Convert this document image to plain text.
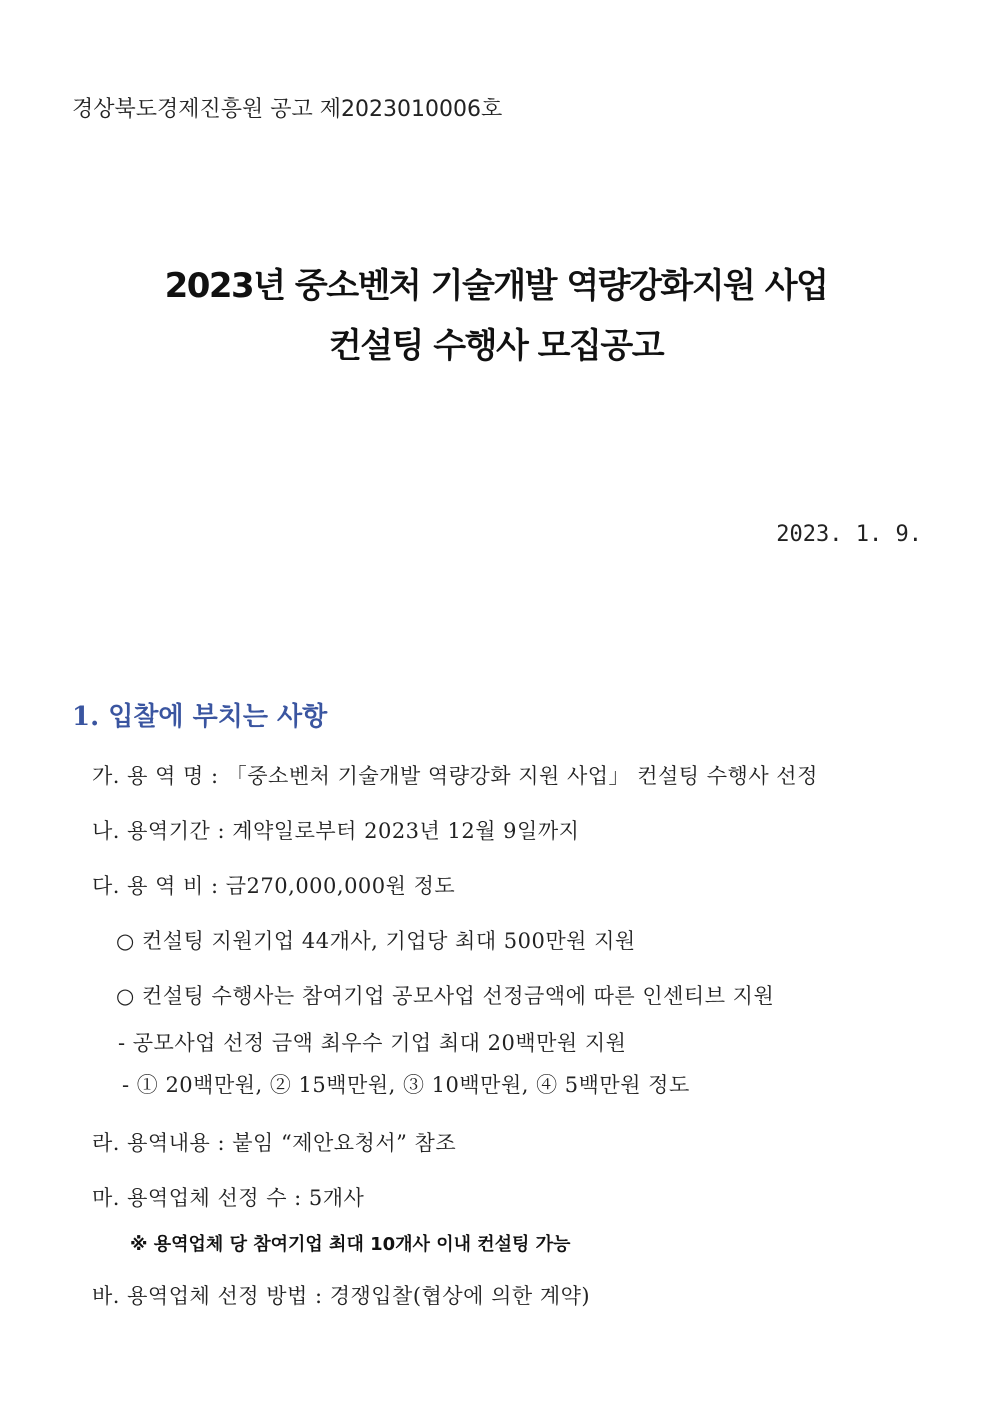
경상북도경제진흥원 공고 제2023010006호
2023년 중소벤처 기술개발 역량강화지원 사업
컨설팅 수행사 모집공고
2023. 1. 9.
1. 입찰에 부치는 사항
가. 용 역 명 : 「중소벤처 기술개발 역량강화 지원 사업」 컨설팅 수행사 선정
나. 용역기간 : 계약일로부터 2023년 12월 9일까지
다. 용 역 비 : 금270,000,000원 정도
○ 컨설팅 지원기업 44개사, 기업당 최대 500만원 지원
○ 컨설팅 수행사는 참여기업 공모사업 선정금액에 따른 인센티브 지원
- 공모사업 선정 금액 최우수 기업 최대 20백만원 지원
- ① 20백만원, ② 15백만원, ③ 10백만원, ④ 5백만원 정도
라. 용역내용 : 붙임 “제안요청서” 참조
마. 용역업체 선정 수 : 5개사
※ 용역업체 당 참여기업 최대 10개사 이내 컨설팅 가능
바. 용역업체 선정 방법 : 경쟁입찰(협상에 의한 계약)
